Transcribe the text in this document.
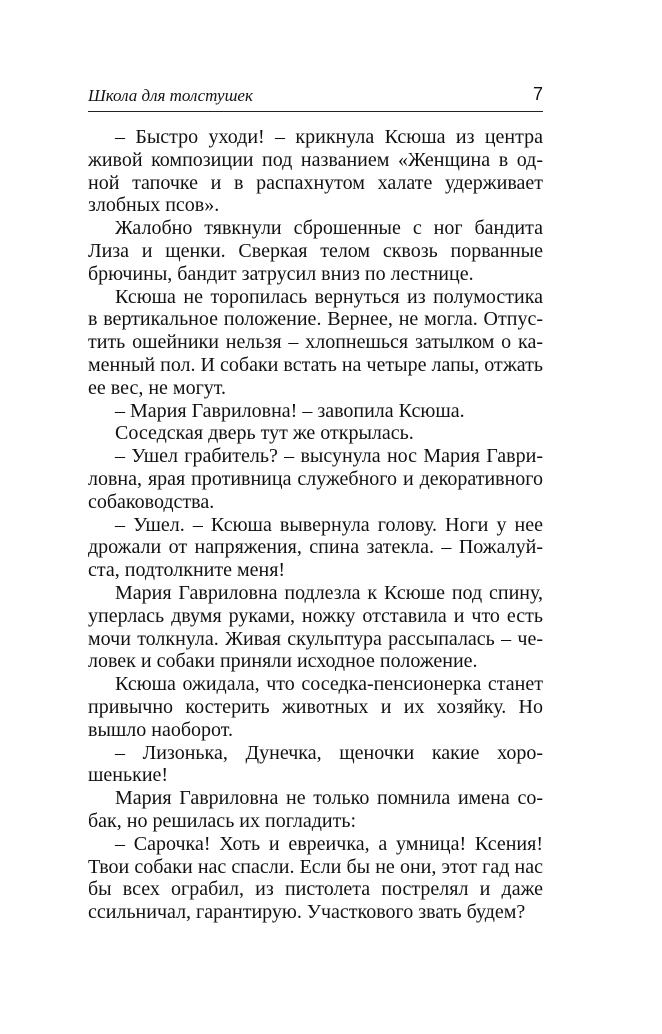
Школа для толстушек	7

– Быстро уходи! – крикнула Ксюша из центра живой композиции под названием «Женщина в одной тапочке и в распахнутом халате удерживает злобных псов».

Жалобно тявкнули сброшенные с ног бандита Лиза и щенки. Сверкая телом сквозь порванные брючины, бандит затрусил вниз по лестнице.

Ксюша не торопилась вернуться из полумостика в вертикальное положение. Вернее, не могла. Отпустить ошейники нельзя – хлопнешься затылком о каменный пол. И собаки встать на четыре лапы, отжать ее вес, не могут.

– Мария Гавриловна! – завопила Ксюша.

Соседская дверь тут же открылась.

– Ушел грабитель? – высунула нос Мария Гавриловна, ярая противница служебного и декоративного собаководства.

– Ушел. – Ксюша вывернула голову. Ноги у нее дрожали от напряжения, спина затекла. – Пожалуйста, подтолкните меня!

Мария Гавриловна подлезла к Ксюше под спину, уперлась двумя руками, ножку отставила и что есть мочи толкнула. Живая скульптура рассыпалась – человек и собаки приняли исходное положение.

Ксюша ожидала, что соседка-пенсионерка станет привычно костерить животных и их хозяйку. Но вышло наоборот.

– Лизонька, Дунечка, щеночки какие хорошенькие!

Мария Гавриловна не только помнила имена собак, но решилась их погладить:

– Сарочка! Хоть и евреичка, а умница! Ксения! Твои собаки нас спасли. Если бы не они, этот гад нас бы всех ограбил, из пистолета пострелял и даже ссильничал, гарантирую. Участкового звать будем?
